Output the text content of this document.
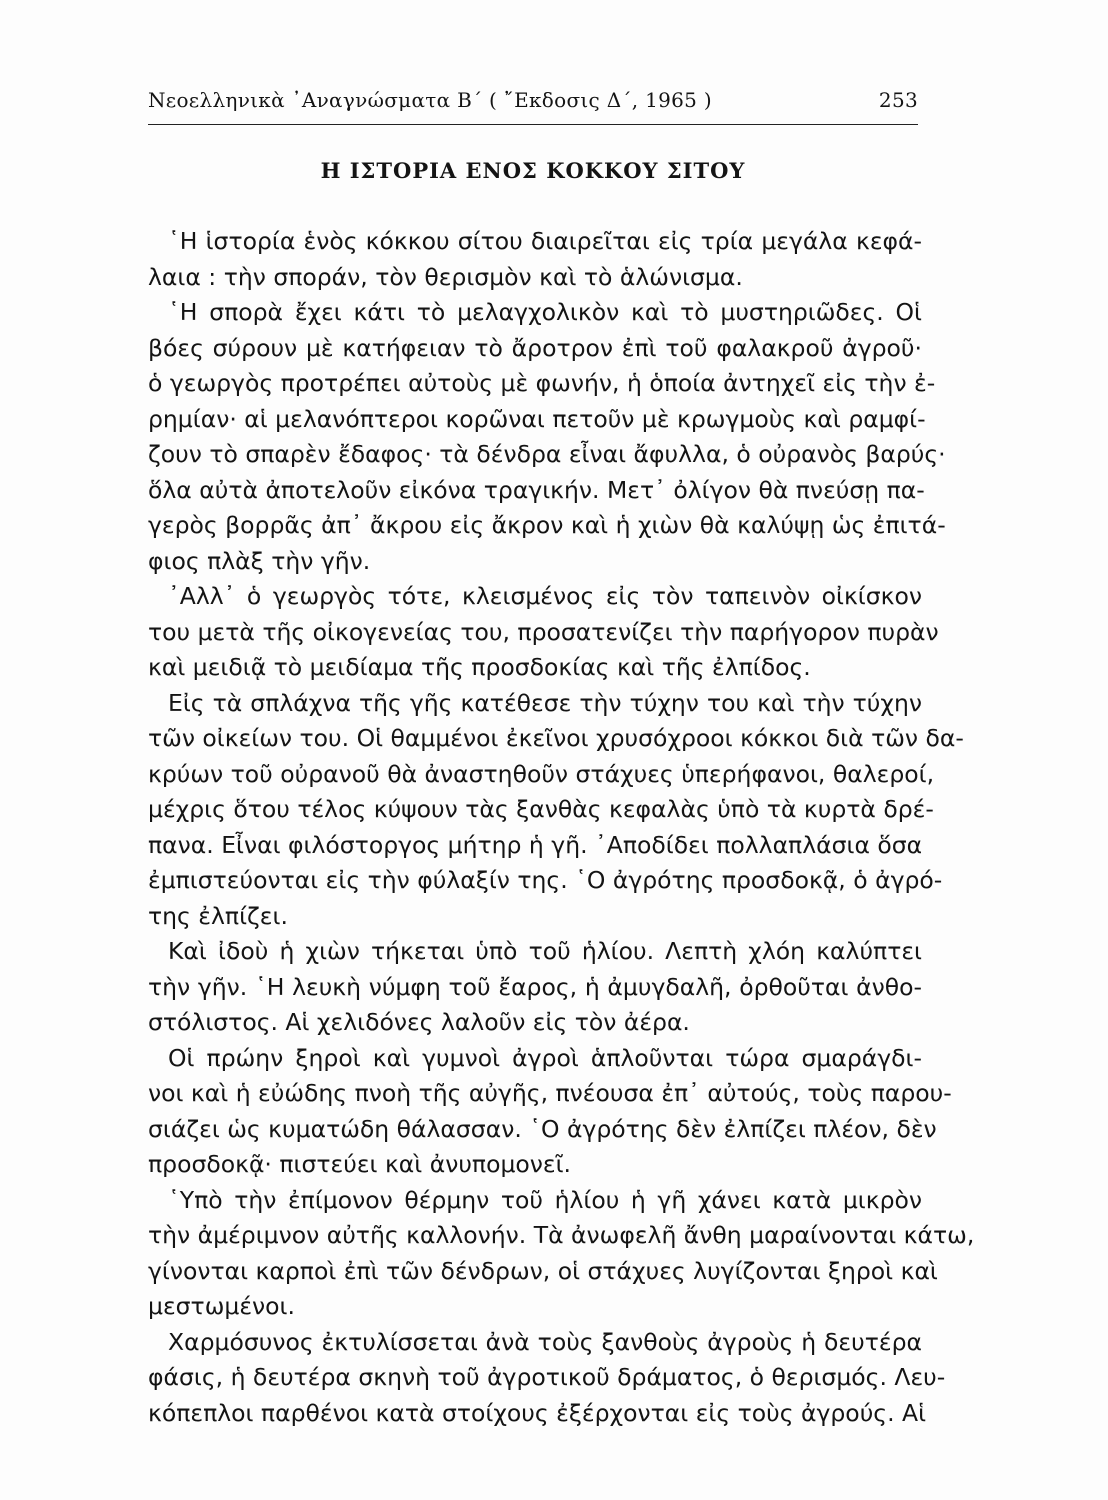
Νεοελληνικὰ ᾿Αναγνώσματα Β΄ ( ῎Εκδοσις Δ΄, 1965 )	253
Η ΙΣΤΟΡΙΑ ΕΝΟΣ ΚΟΚΚΟΥ ΣΙΤΟΥ
῾Η ἱστορία ἑνὸς κόκκου σίτου διαιρεῖται εἰς τρία μεγάλα κεφά-
λαια : τὴν σποράν, τὸν θερισμὸν καὶ τὸ ἁλώνισμα.
῾Η σπορὰ ἔχει κάτι τὸ μελαγχολικὸν καὶ τὸ μυστηριῶδες. Οἱ
βόες σύρουν μὲ κατήφειαν τὸ ἄροτρον ἐπὶ τοῦ φαλακροῦ ἀγροῦ·
ὁ γεωργὸς προτρέπει αὐτοὺς μὲ φωνήν, ἡ ὁποία ἀντηχεῖ εἰς τὴν ἐ-
ρημίαν· αἱ μελανόπτεροι κορῶναι πετοῦν μὲ κρωγμοὺς καὶ ραμφί-
ζουν τὸ σπαρὲν ἔδαφος· τὰ δένδρα εἶναι ἄφυλλα, ὁ οὐρανὸς βαρύς·
ὅλα αὐτὰ ἀποτελοῦν εἰκόνα τραγικήν. Μετ᾿ ὀλίγον θὰ πνεύσῃ πα-
γερὸς βορρᾶς ἀπ᾿ ἄκρου εἰς ἄκρον καὶ ἡ χιὼν θὰ καλύψῃ ὡς ἐπιτά-
φιος πλὰξ τὴν γῆν.
᾿Αλλ᾿ ὁ γεωργὸς τότε, κλεισμένος εἰς τὸν ταπεινὸν οἰκίσκον
του μετὰ τῆς οἰκογενείας του, προσατενίζει τὴν παρήγορον πυρὰν
καὶ μειδιᾷ τὸ μειδίαμα τῆς προσδοκίας καὶ τῆς ἐλπίδος.
Εἰς τὰ σπλάχνα τῆς γῆς κατέθεσε τὴν τύχην του καὶ τὴν τύχην
τῶν οἰκείων του. Οἱ θαμμένοι ἐκεῖνοι χρυσόχροοι κόκκοι διὰ τῶν δα-
κρύων τοῦ οὐρανοῦ θὰ ἀναστηθοῦν στάχυες ὑπερήφανοι, θαλεροί,
μέχρις ὅτου τέλος κύψουν τὰς ξανθὰς κεφαλὰς ὑπὸ τὰ κυρτὰ δρέ-
πανα. Εἶναι φιλόστοργος μήτηρ ἡ γῆ. ᾿Αποδίδει πολλαπλάσια ὅσα
ἐμπιστεύονται εἰς τὴν φύλαξίν της. ῾Ο ἀγρότης προσδοκᾷ, ὁ ἀγρό-
της ἐλπίζει.
Καὶ ἰδοὺ ἡ χιὼν τήκεται ὑπὸ τοῦ ἡλίου. Λεπτὴ χλόη καλύπτει
τὴν γῆν. ῾Η λευκὴ νύμφη τοῦ ἔαρος, ἡ ἀμυγδαλῆ, ὀρθοῦται ἀνθο-
στόλιστος. Αἱ χελιδόνες λαλοῦν εἰς τὸν ἀέρα.
Οἱ πρώην ξηροὶ καὶ γυμνοὶ ἀγροὶ ἁπλοῦνται τώρα σμαράγδι-
νοι καὶ ἡ εὐώδης πνοὴ τῆς αὐγῆς, πνέουσα ἐπ᾿ αὐτούς, τοὺς παρου-
σιάζει ὡς κυματώδη θάλασσαν. ῾Ο ἀγρότης δὲν ἐλπίζει πλέον, δὲν
προσδοκᾷ· πιστεύει καὶ ἀνυπομονεῖ.
῾Υπὸ τὴν ἐπίμονον θέρμην τοῦ ἡλίου ἡ γῆ χάνει κατὰ μικρὸν
τὴν ἀμέριμνον αὐτῆς καλλονήν. Τὰ ἀνωφελῆ ἄνθη μαραίνονται κάτω,
γίνονται καρποὶ ἐπὶ τῶν δένδρων, οἱ στάχυες λυγίζονται ξηροὶ καὶ
μεστωμένοι.
Χαρμόσυνος ἐκτυλίσσεται ἀνὰ τοὺς ξανθοὺς ἀγροὺς ἡ δευτέρα
φάσις, ἡ δευτέρα σκηνὴ τοῦ ἀγροτικοῦ δράματος, ὁ θερισμός. Λευ-
κόπεπλοι παρθένοι κατὰ στοίχους ἐξέρχονται εἰς τοὺς ἀγρούς. Αἱ
